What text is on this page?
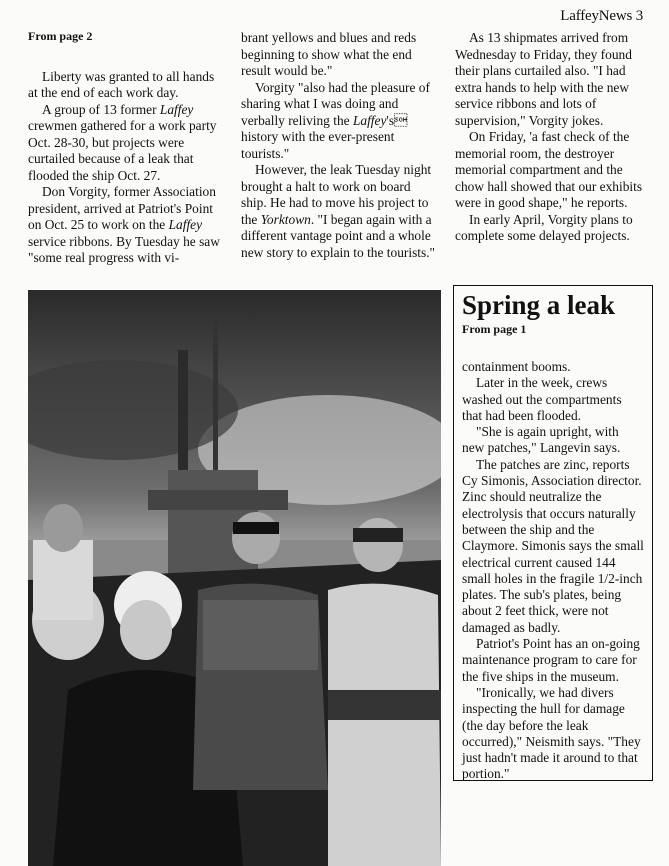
LaffeyNews 3
From page 2

Liberty was granted to all hands at the end of each work day.

A group of 13 former Laffey crewmen gathered for a work party Oct. 28-30, but projects were curtailed because of a leak that flooded the ship Oct. 27.

Don Vorgity, former Association president, arrived at Patriot's Point on Oct. 25 to work on the Laffey service ribbons. By Tuesday he saw "some real progress with vi-

brant yellows and blues and reds beginning to show what the end result would be."

Vorgity "also had the pleasure of sharing what I was doing and verbally reliving the Laffey's history with the ever-present tourists."

However, the leak Tuesday night brought a halt to work on board ship. He had to move his project to the Yorktown. "I began again with a different vantage point and a whole new story to explain to the tourists."

As 13 shipmates arrived from Wednesday to Friday, they found their plans curtailed also. "I had extra hands to help with the new service ribbons and lots of supervision," Vorgity jokes.

On Friday, 'a fast check of the memorial room, the destroyer memorial compartment and the chow hall showed that our exhibits were in good shape," he reports.

In early April, Vorgity plans to complete some delayed projects.

Spring a leak
From page 1

containment booms.

Later in the week, crews washed out the compartments that had been flooded.

"She is again upright, with new patches," Langevin says.

The patches are zinc, reports Cy Simonis, Association director. Zinc should neutralize the electrolysis that occurs naturally between the ship and the Claymore. Simonis says the small electrical current caused 144 small holes in the fragile 1/2-inch plates. The sub's plates, being about 2 feet thick, were not damaged as badly.

Patriot's Point has an on-going maintenance program to care for the five ships in the museum.

"Ironically, we had divers inspecting the hull for damage (the day before the leak occurred)," Neismith says. "They just hadn't made it around to that portion."
